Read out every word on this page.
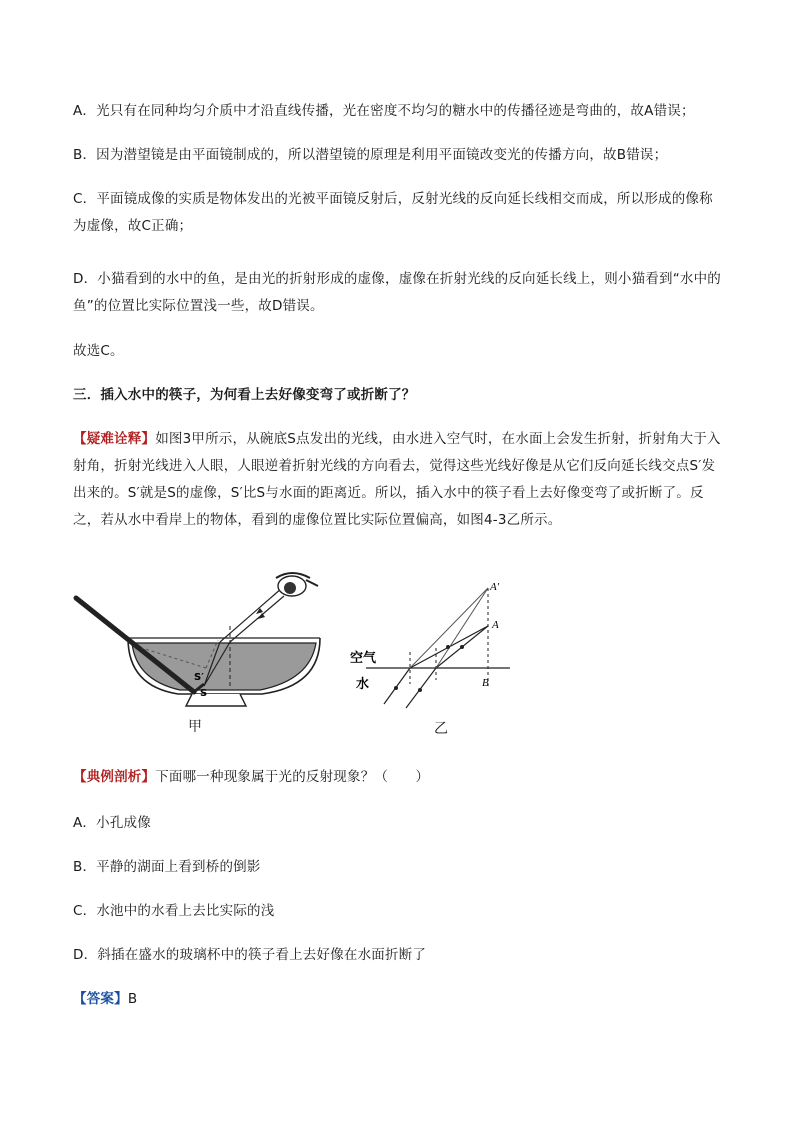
A．光只有在同种均匀介质中才沿直线传播，光在密度不均匀的糖水中的传播径迹是弯曲的，故A错误；
B．因为潜望镜是由平面镜制成的，所以潜望镜的原理是利用平面镜改变光的传播方向，故B错误；
C．平面镜成像的实质是物体发出的光被平面镜反射后，反射光线的反向延长线相交而成，所以形成的像称为虚像，故C正确；
D．小猫看到的水中的鱼，是由光的折射形成的虚像，虚像在折射光线的反向延长线上，则小猫看到“水中的鱼”的位置比实际位置浅一些，故D错误。
故选C。
三．插入水中的筷子，为何看上去好像变弯了或折断了？
【疑难诠释】如图3甲所示，从碗底S点发出的光线，由水进入空气时，在水面上会发生折射，折射角大于入射角，折射光线进入人眼，人眼逆着折射光线的方向看去，觉得这些光线好像是从它们反向延长线交点S′发出来的。S′就是S的虚像，S′比S与水面的距离近。所以，插入水中的筷子看上去好像变弯了或折断了。反之，若从水中看岸上的物体，看到的虚像位置比实际位置偏高，如图4-3乙所示。
S′
S
甲
空气
水
A′
A
B
乙
【典例剖析】下面哪一种现象属于光的反射现象？（　　）
A．小孔成像
B．平静的湖面上看到桥的倒影
C．水池中的水看上去比实际的浅
D．斜插在盛水的玻璃杯中的筷子看上去好像在水面折断了
【答案】B
